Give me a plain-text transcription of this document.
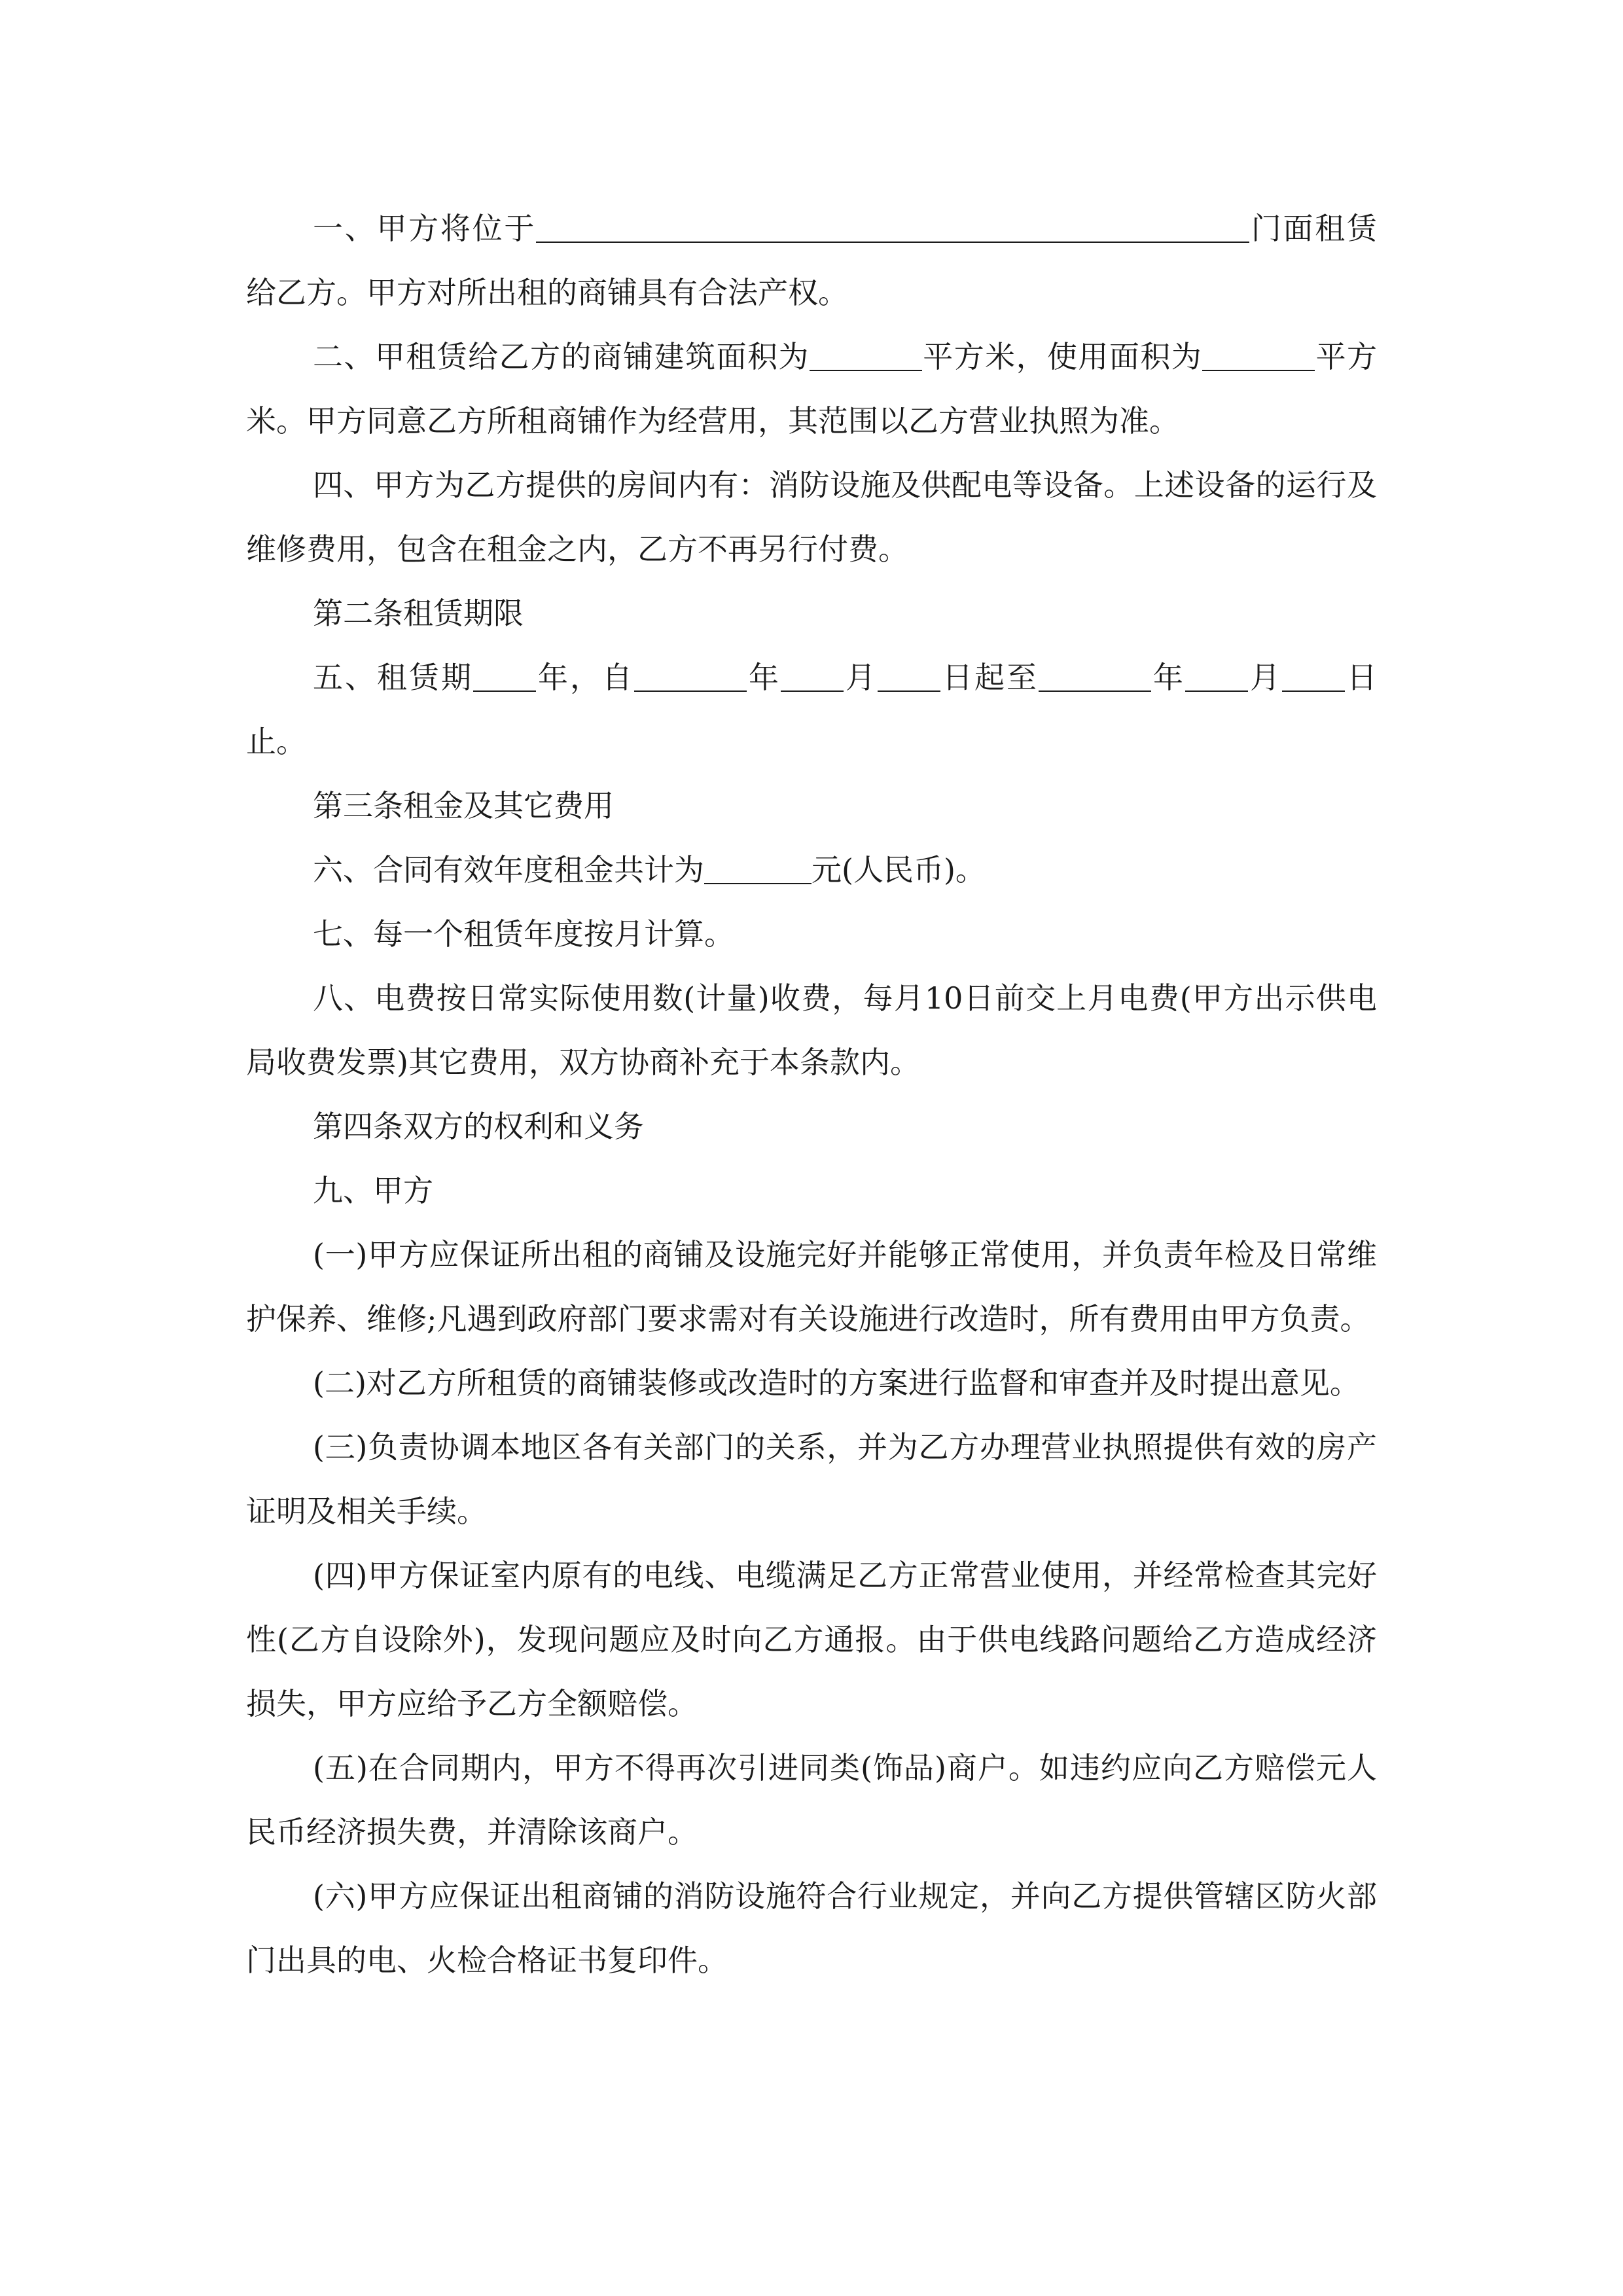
一、甲方将位于	门面租赁给乙方。甲方对所出租的商铺具有合法产权。

二、甲租赁给乙方的商铺建筑面积为	平方米，使用面积为	平方米。甲方同意乙方所租商铺作为经营用，其范围以乙方营业执照为准。

四、甲方为乙方提供的房间内有：消防设施及供配电等设备。上述设备的运行及维修费用，包含在租金之内，乙方不再另行付费。

第二条租赁期限

五、租赁期 年，自	年 月 日起至	年 月 日止。

第三条租金及其它费用

六、合同有效年度租金共计为	元(人民币)。

七、每一个租赁年度按月计算。

八、电费按日常实际使用数(计量)收费，每月10日前交上月电费(甲方出示供电局收费发票)其它费用，双方协商补充于本条款内。

第四条双方的权利和义务

九、甲方

(一)甲方应保证所出租的商铺及设施完好并能够正常使用，并负责年检及日常维护保养、维修;凡遇到政府部门要求需对有关设施进行改造时，所有费用由甲方负责。

(二)对乙方所租赁的商铺装修或改造时的方案进行监督和审查并及时提出意见。

(三)负责协调本地区各有关部门的关系，并为乙方办理营业执照提供有效的房产证明及相关手续。

(四)甲方保证室内原有的电线、电缆满足乙方正常营业使用，并经常检查其完好性(乙方自设除外)，发现问题应及时向乙方通报。由于供电线路问题给乙方造成经济损失，甲方应给予乙方全额赔偿。

(五)在合同期内，甲方不得再次引进同类(饰品)商户。如违约应向乙方赔偿元人民币经济损失费，并清除该商户。

(六)甲方应保证出租商铺的消防设施符合行业规定，并向乙方提供管辖区防火部门出具的电、火检合格证书复印件。
